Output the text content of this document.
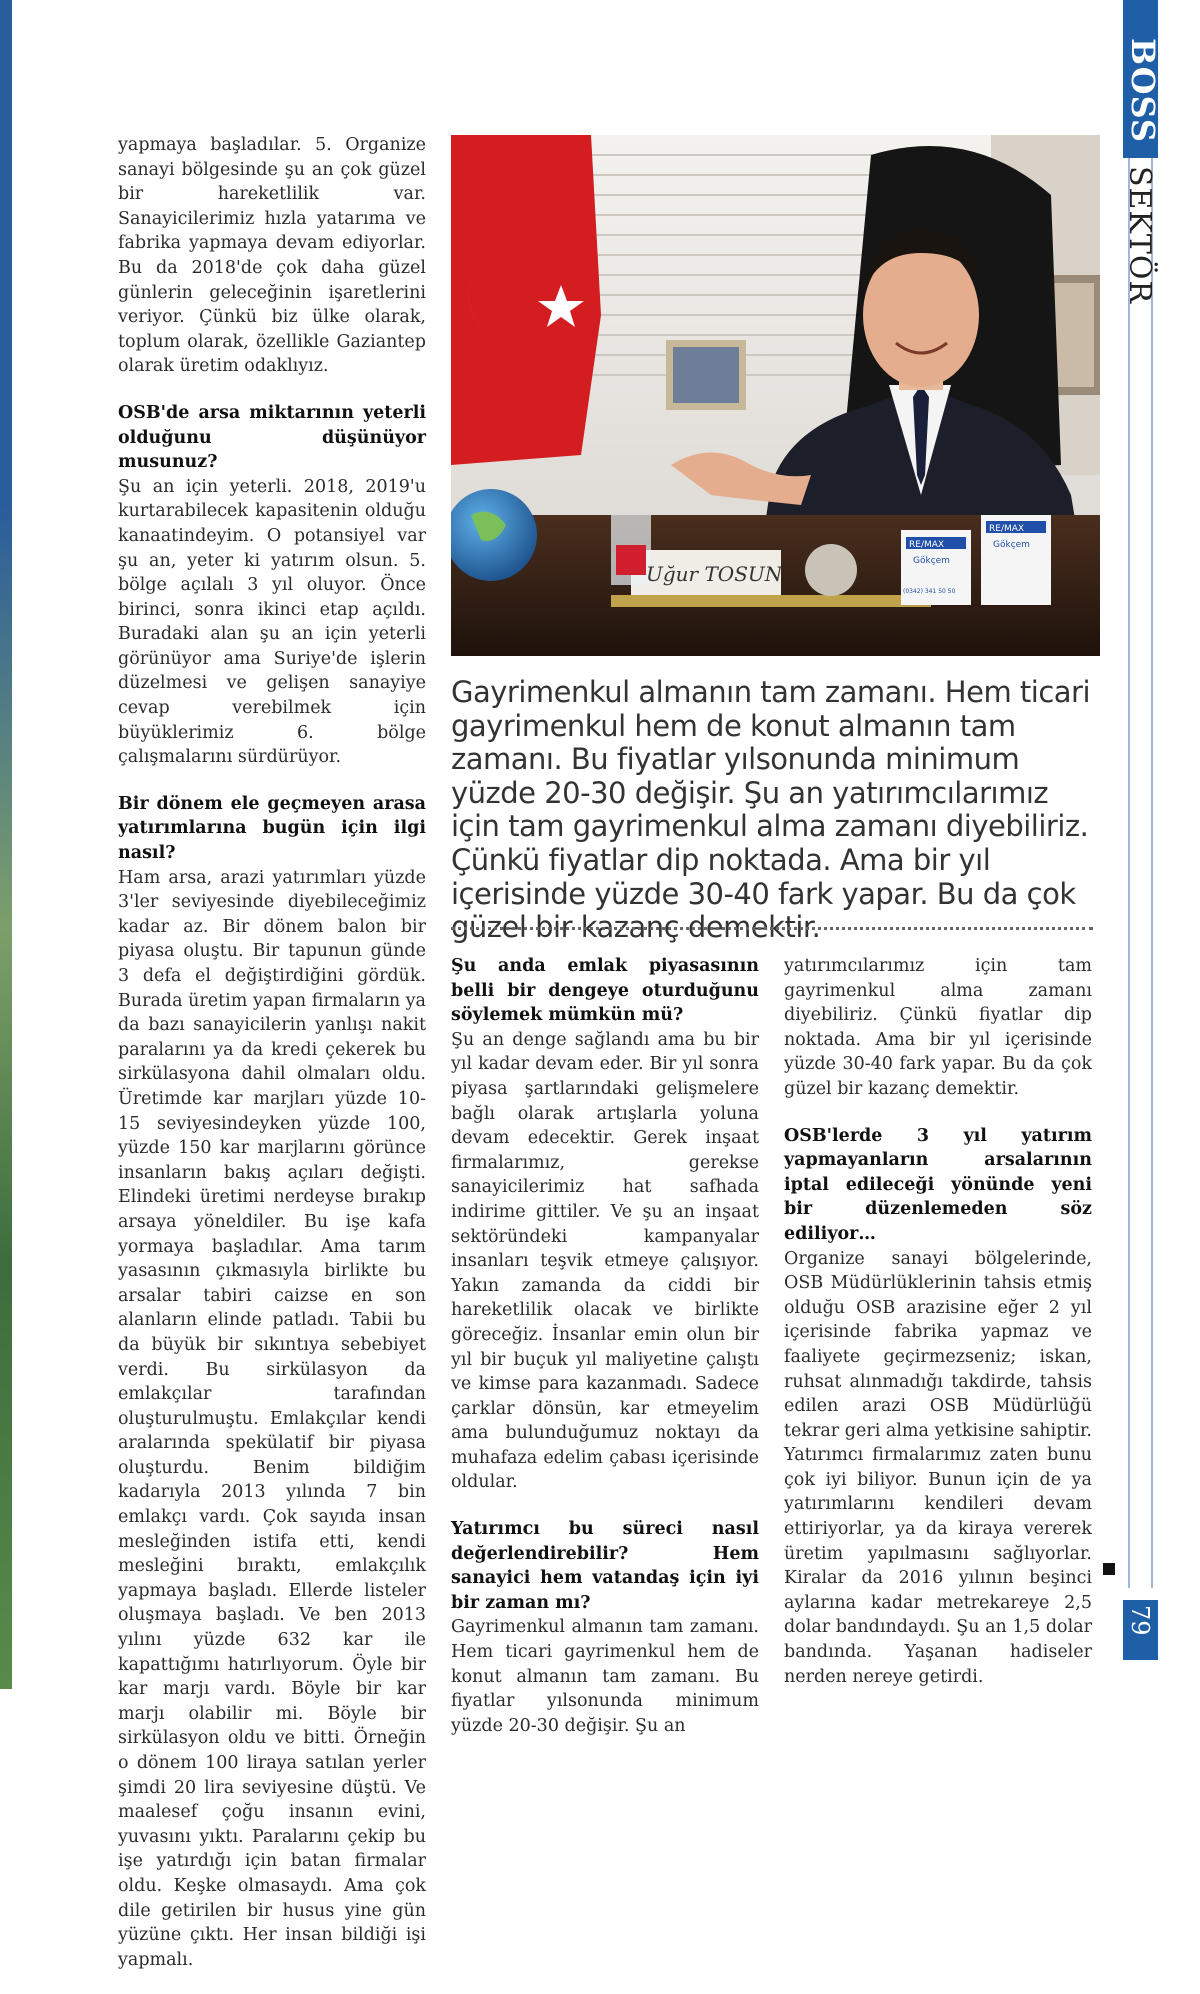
yapmaya başladılar. 5. Organize sanayi bölgesinde şu an çok güzel bir hareketlilik var. Sanayicilerimiz hızla yatarıma ve fabrika yapmaya devam ediyorlar. Bu da 2018'de çok daha güzel günlerin geleceğinin işaretlerini veriyor. Çünkü biz ülke olarak, toplum olarak, özellikle Gaziantep olarak üretim odaklıyız.

OSB'de arsa miktarının yeterli olduğunu düşünüyor musunuz?

Şu an için yeterli. 2018, 2019'u kurtarabilecek kapasitenin olduğu kanaatindeyim. O potansiyel var şu an, yeter ki yatırım olsun. 5. bölge açılalı 3 yıl oluyor. Önce birinci, sonra ikinci etap açıldı. Buradaki alan şu an için yeterli görünüyor ama Suriye'de işlerin düzelmesi ve gelişen sanayiye cevap verebilmek için büyüklerimiz 6. bölge çalışmalarını sürdürüyor.

Bir dönem ele geçmeyen arasa yatırımlarına bugün için ilgi nasıl?

Ham arsa, arazi yatırımları yüzde 3'ler seviyesinde diyebileceğimiz kadar az. Bir dönem balon bir piyasa oluştu. Bir tapunun günde 3 defa el değiştirdiğini gördük. Burada üretim yapan firmaların ya da bazı sanayicilerin yanlışı nakit paralarını ya da kredi çekerek bu sirkülasyona dahil olmaları oldu. Üretimde kar marjları yüzde 10-15 seviyesindeyken yüzde 100, yüzde 150 kar marjlarını görünce insanların bakış açıları değişti. Elindeki üretimi nerdeyse bırakıp arsaya yöneldiler. Bu işe kafa yormaya başladılar. Ama tarım yasasının çıkmasıyla birlikte bu arsalar tabiri caizse en son alanların elinde patladı. Tabii bu da büyük bir sıkıntıya sebebiyet verdi. Bu sirkülasyon da emlakçılar tarafından oluşturulmuştu. Emlakçılar kendi aralarında spekülatif bir piyasa oluşturdu. Benim bildiğim kadarıyla 2013 yılında 7 bin emlakçı vardı. Çok sayıda insan mesleğinden istifa etti, kendi mesleğini bıraktı, emlakçılık yapmaya başladı. Ellerde listeler oluşmaya başladı. Ve ben 2013 yılını yüzde 632 kar ile kapattığımı hatırlıyorum. Öyle bir kar marjı vardı. Böyle bir kar marjı olabilir mi. Böyle bir sirkülasyon oldu ve bitti. Örneğin o dönem 100 liraya satılan yerler şimdi 20 lira seviyesine düştü. Ve maalesef çoğu insanın evini, yuvasını yıktı. Paralarını çekip bu işe yatırdığı için batan firmalar oldu. Keşke olmasaydı. Ama çok dile getirilen bir husus yine gün yüzüne çıktı. Her insan bildiği işi yapmalı.

Uğur TOSUN
RE/MAX
Gökçem
(0342) 341 50 50
RE/MAX
Gökçem
Gayrimenkul almanın tam zamanı. Hem ticari gayrimenkul hem de konut almanın tam zamanı. Bu fiyatlar yılsonunda minimum yüzde 20-30 değişir. Şu an yatırımcılarımız için tam gayrimenkul alma zamanı diyebiliriz. Çünkü fiyatlar dip noktada. Ama bir yıl içerisinde yüzde 30-40 fark yapar. Bu da çok güzel bir kazanç demektir.
Şu anda emlak piyasasının belli bir dengeye oturduğunu söylemek mümkün mü?

Şu an denge sağlandı ama bu bir yıl kadar devam eder. Bir yıl sonra piyasa şartlarındaki gelişmelere bağlı olarak artışlarla yoluna devam edecektir. Gerek inşaat firmalarımız, gerekse sanayicilerimiz hat safhada indirime gittiler. Ve şu an inşaat sektöründeki kampanyalar insanları teşvik etmeye çalışıyor. Yakın zamanda da ciddi bir hareketlilik olacak ve birlikte göreceğiz. İnsanlar emin olun bir yıl bir buçuk yıl maliyetine çalıştı ve kimse para kazanmadı. Sadece çarklar dönsün, kar etmeyelim ama bulunduğumuz noktayı da muhafaza edelim çabası içerisinde oldular.

Yatırımcı bu süreci nasıl değerlendirebilir? Hem sanayici hem vatandaş için iyi bir zaman mı?

Gayrimenkul almanın tam zamanı. Hem ticari gayrimenkul hem de konut almanın tam zamanı. Bu fiyatlar yılsonunda minimum yüzde 20-30 değişir. Şu an

yatırımcılarımız için tam gayrimenkul alma zamanı diyebiliriz. Çünkü fiyatlar dip noktada. Ama bir yıl içerisinde yüzde 30-40 fark yapar. Bu da çok güzel bir kazanç demektir.

OSB'lerde 3 yıl yatırım yapmayanların arsalarının iptal edileceği yönünde yeni bir düzenlemeden söz ediliyor…

Organize sanayi bölgelerinde, OSB Müdürlüklerinin tahsis etmiş olduğu OSB arazisine eğer 2 yıl içerisinde fabrika yapmaz ve faaliyete geçirmezseniz; iskan, ruhsat alınmadığı takdirde, tahsis edilen arazi OSB Müdürlüğü tekrar geri alma yetkisine sahiptir. Yatırımcı firmalarımız zaten bunu çok iyi biliyor. Bunun için de ya yatırımlarını kendileri devam ettiriyorlar, ya da kiraya vererek üretim yapılmasını sağlıyorlar. Kiralar da 2016 yılının beşinci aylarına kadar metrekareye 2,5 dolar bandındaydı. Şu an 1,5 dolar bandında. Yaşanan hadiseler nerden nereye getirdi.

BOSS
SEKTÖR
79
